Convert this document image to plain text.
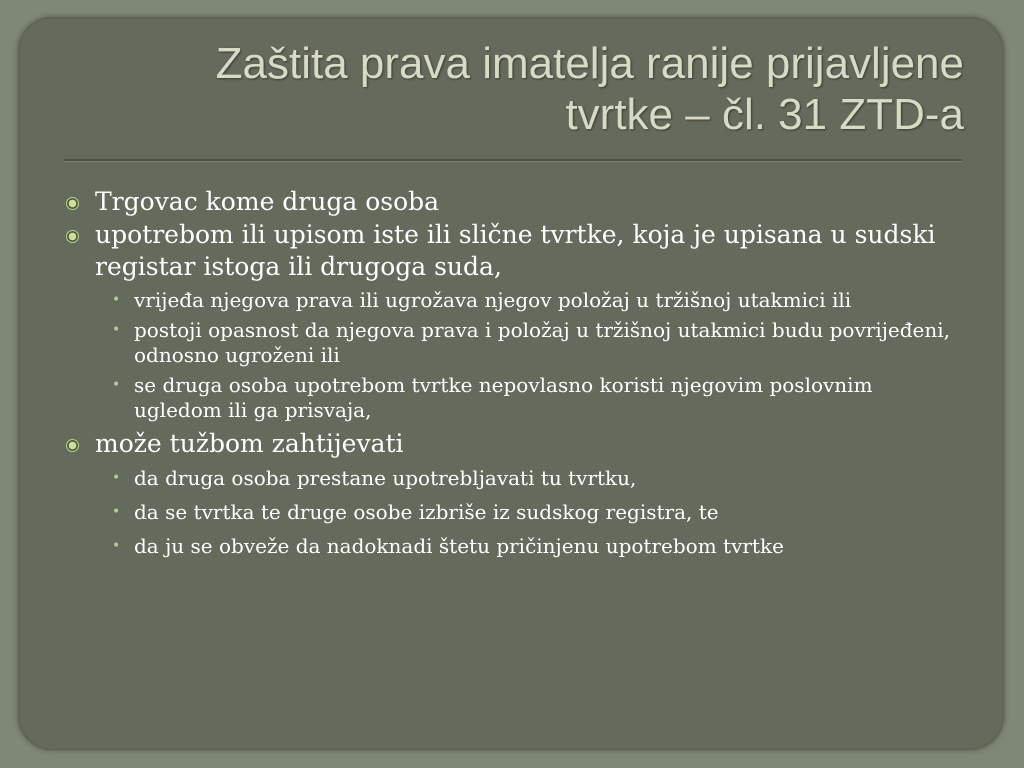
Zaštita prava imatelja ranije prijavljene
tvrtke – čl. 31 ZTD-a
Trgovac kome druga osoba
upotrebom ili upisom iste ili slične tvrtke, koja je upisana u sudski registar istoga ili drugoga suda,
• vrijeđa njegova prava ili ugrožava njegov položaj u tržišnoj utakmici ili
• postoji opasnost da njegova prava i položaj u tržišnoj utakmici budu povrijeđeni, odnosno ugroženi ili
• se druga osoba upotrebom tvrtke nepovlasno koristi njegovim poslovnim ugledom ili ga prisvaja,
može tužbom zahtijevati
• da druga osoba prestane upotrebljavati tu tvrtku,
• da se tvrtka te druge osobe izbriše iz sudskog registra, te
• da ju se obveže da nadoknadi štetu pričinjenu upotrebom tvrtke
